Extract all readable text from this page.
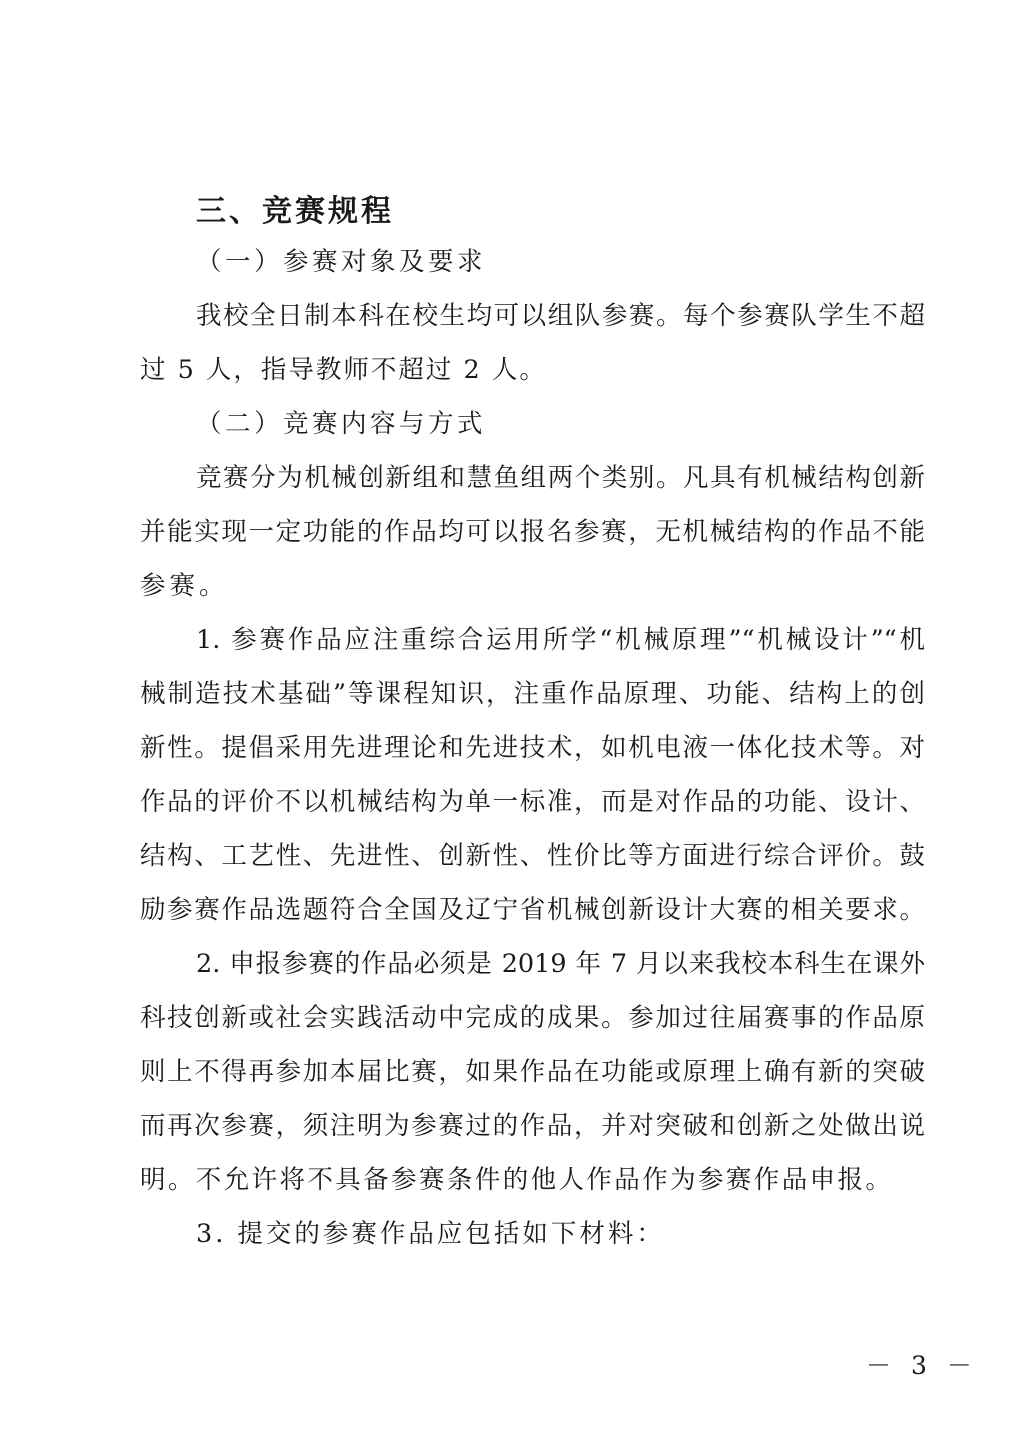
三、竞赛规程
（一）参赛对象及要求
我校全日制本科在校生均可以组队参赛。每个参赛队学生不超
过 5 人，指导教师不超过 2 人。
（二）竞赛内容与方式
竞赛分为机械创新组和慧鱼组两个类别。凡具有机械结构创新
并能实现一定功能的作品均可以报名参赛，无机械结构的作品不能
参赛。
1. 参赛作品应注重综合运用所学“机械原理”“机械设计”“机
械制造技术基础”等课程知识，注重作品原理、功能、结构上的创
新性。提倡采用先进理论和先进技术，如机电液一体化技术等。对
作品的评价不以机械结构为单一标准，而是对作品的功能、设计、
结构、工艺性、先进性、创新性、性价比等方面进行综合评价。鼓
励参赛作品选题符合全国及辽宁省机械创新设计大赛的相关要求。
2. 申报参赛的作品必须是 2019 年 7 月以来我校本科生在课外
科技创新或社会实践活动中完成的成果。参加过往届赛事的作品原
则上不得再参加本届比赛，如果作品在功能或原理上确有新的突破
而再次参赛，须注明为参赛过的作品，并对突破和创新之处做出说
明。不允许将不具备参赛条件的他人作品作为参赛作品申报。
3. 提交的参赛作品应包括如下材料：
－ 3 －
